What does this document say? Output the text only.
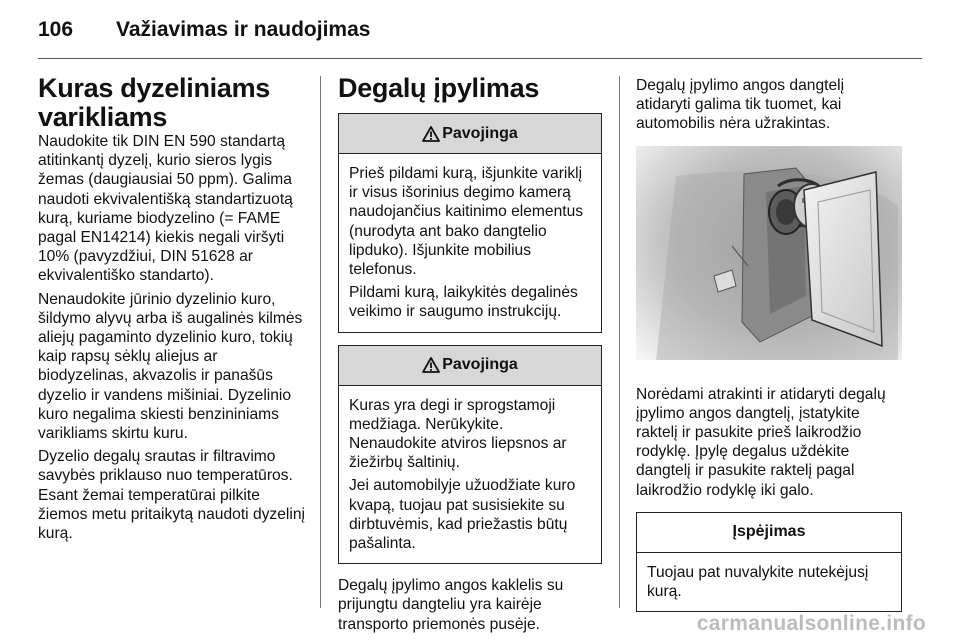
106 Važiavimas ir naudojimas
Kuras dyzeliniams varikliams

Naudokite tik DIN EN 590 standartą atitinkantį dyzelį, kurio sieros lygis žemas (daugiausiai 50 ppm). Galima naudoti ekvivalentišką standartizuotą kurą, kuriame biodyzelino (= FAME pagal EN14214) kiekis negali viršyti 10% (pavyzdžiui, DIN 51628 ar ekvivalentiško standarto).

Nenaudokite jūrinio dyzelinio kuro, šildymo alyvų arba iš augalinės kilmės aliejų pagaminto dyzelinio kuro, tokių kaip rapsų sėklų aliejus ar biodyzelinas, akvazolis ir panašūs dyzelio ir vandens mišiniai. Dyzelinio kuro negalima skiesti benzininiams varikliams skirtu kuru.

Dyzelio degalų srautas ir filtravimo savybės priklauso nuo temperatūros. Esant žemai temperatūrai pilkite žiemos metu pritaikytą naudoti dyzelinį kurą.

Degalų įpylimas
Pavojinga

Prieš pildami kurą, išjunkite variklį ir visus išorinius degimo kamerą naudojančius kaitinimo elementus (nurodyta ant bako dangtelio lipduko). Išjunkite mobilius telefonus.

Pildami kurą, laikykitės degalinės veikimo ir saugumo instrukcijų.

Pavojinga

Kuras yra degi ir sprogstamoji medžiaga. Nerūkykite. Nenaudokite atviros liepsnos ar žiežirbų šaltinių.

Jei automobilyje užuodžiate kuro kvapą, tuojau pat susisiekite su dirbtuvėmis, kad priežastis būtų pašalinta.

Degalų įpylimo angos kaklelis su prijungtu dangteliu yra kairėje transporto priemonės pusėje.

Degalų įpylimo angos dangtelį atidaryti galima tik tuomet, kai automobilis nėra užrakintas.

Norėdami atrakinti ir atidaryti degalų įpylimo angos dangtelį, įstatykite raktelį ir pasukite prieš laikrodžio rodyklę. Įpylę degalus uždėkite dangtelį ir pasukite raktelį pagal laikrodžio rodyklę iki galo.

Įspėjimas

Tuojau pat nuvalykite nutekėjusį kurą.

carmanualsonline.info
